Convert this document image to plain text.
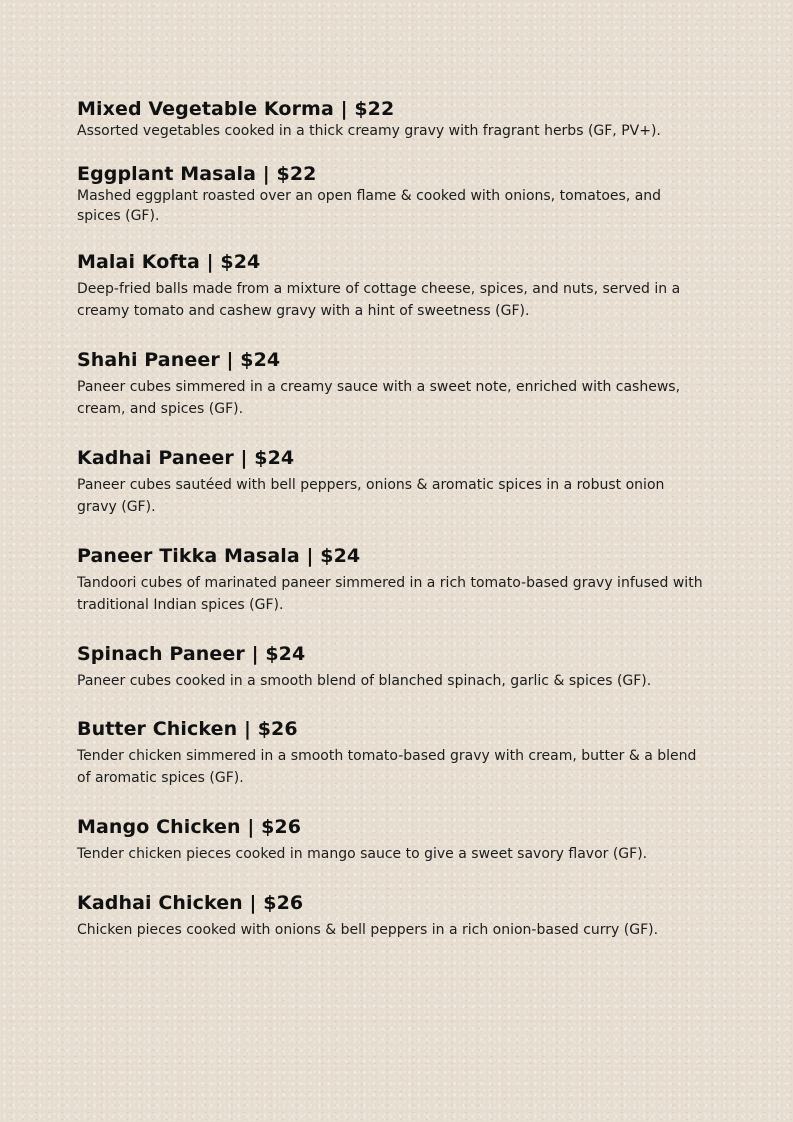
Mixed Vegetable Korma | $22

Assorted vegetables cooked in a thick creamy gravy with fragrant herbs (GF, PV+).

Eggplant Masala | $22

Mashed eggplant roasted over an open flame & cooked with onions, tomatoes, and spices (GF).

Malai Kofta | $24

Deep-fried balls made from a mixture of cottage cheese, spices, and nuts, served in a creamy tomato and cashew gravy with a hint of sweetness (GF).

Shahi Paneer | $24

Paneer cubes simmered in a creamy sauce with a sweet note, enriched with cashews, cream, and spices (GF).

Kadhai Paneer | $24

Paneer cubes sautéed with bell peppers, onions & aromatic spices in a robust onion gravy (GF).

Paneer Tikka Masala | $24

Tandoori cubes of marinated paneer simmered in a rich tomato-based gravy infused with traditional Indian spices (GF).

Spinach Paneer | $24

Paneer cubes cooked in a smooth blend of blanched spinach, garlic & spices (GF).

Butter Chicken | $26

Tender chicken simmered in a smooth tomato-based gravy with cream, butter & a blend of aromatic spices (GF).

Mango Chicken | $26

Tender chicken pieces cooked in mango sauce to give a sweet savory flavor (GF).

Kadhai Chicken | $26

Chicken pieces cooked with onions & bell peppers in a rich onion-based curry (GF).
